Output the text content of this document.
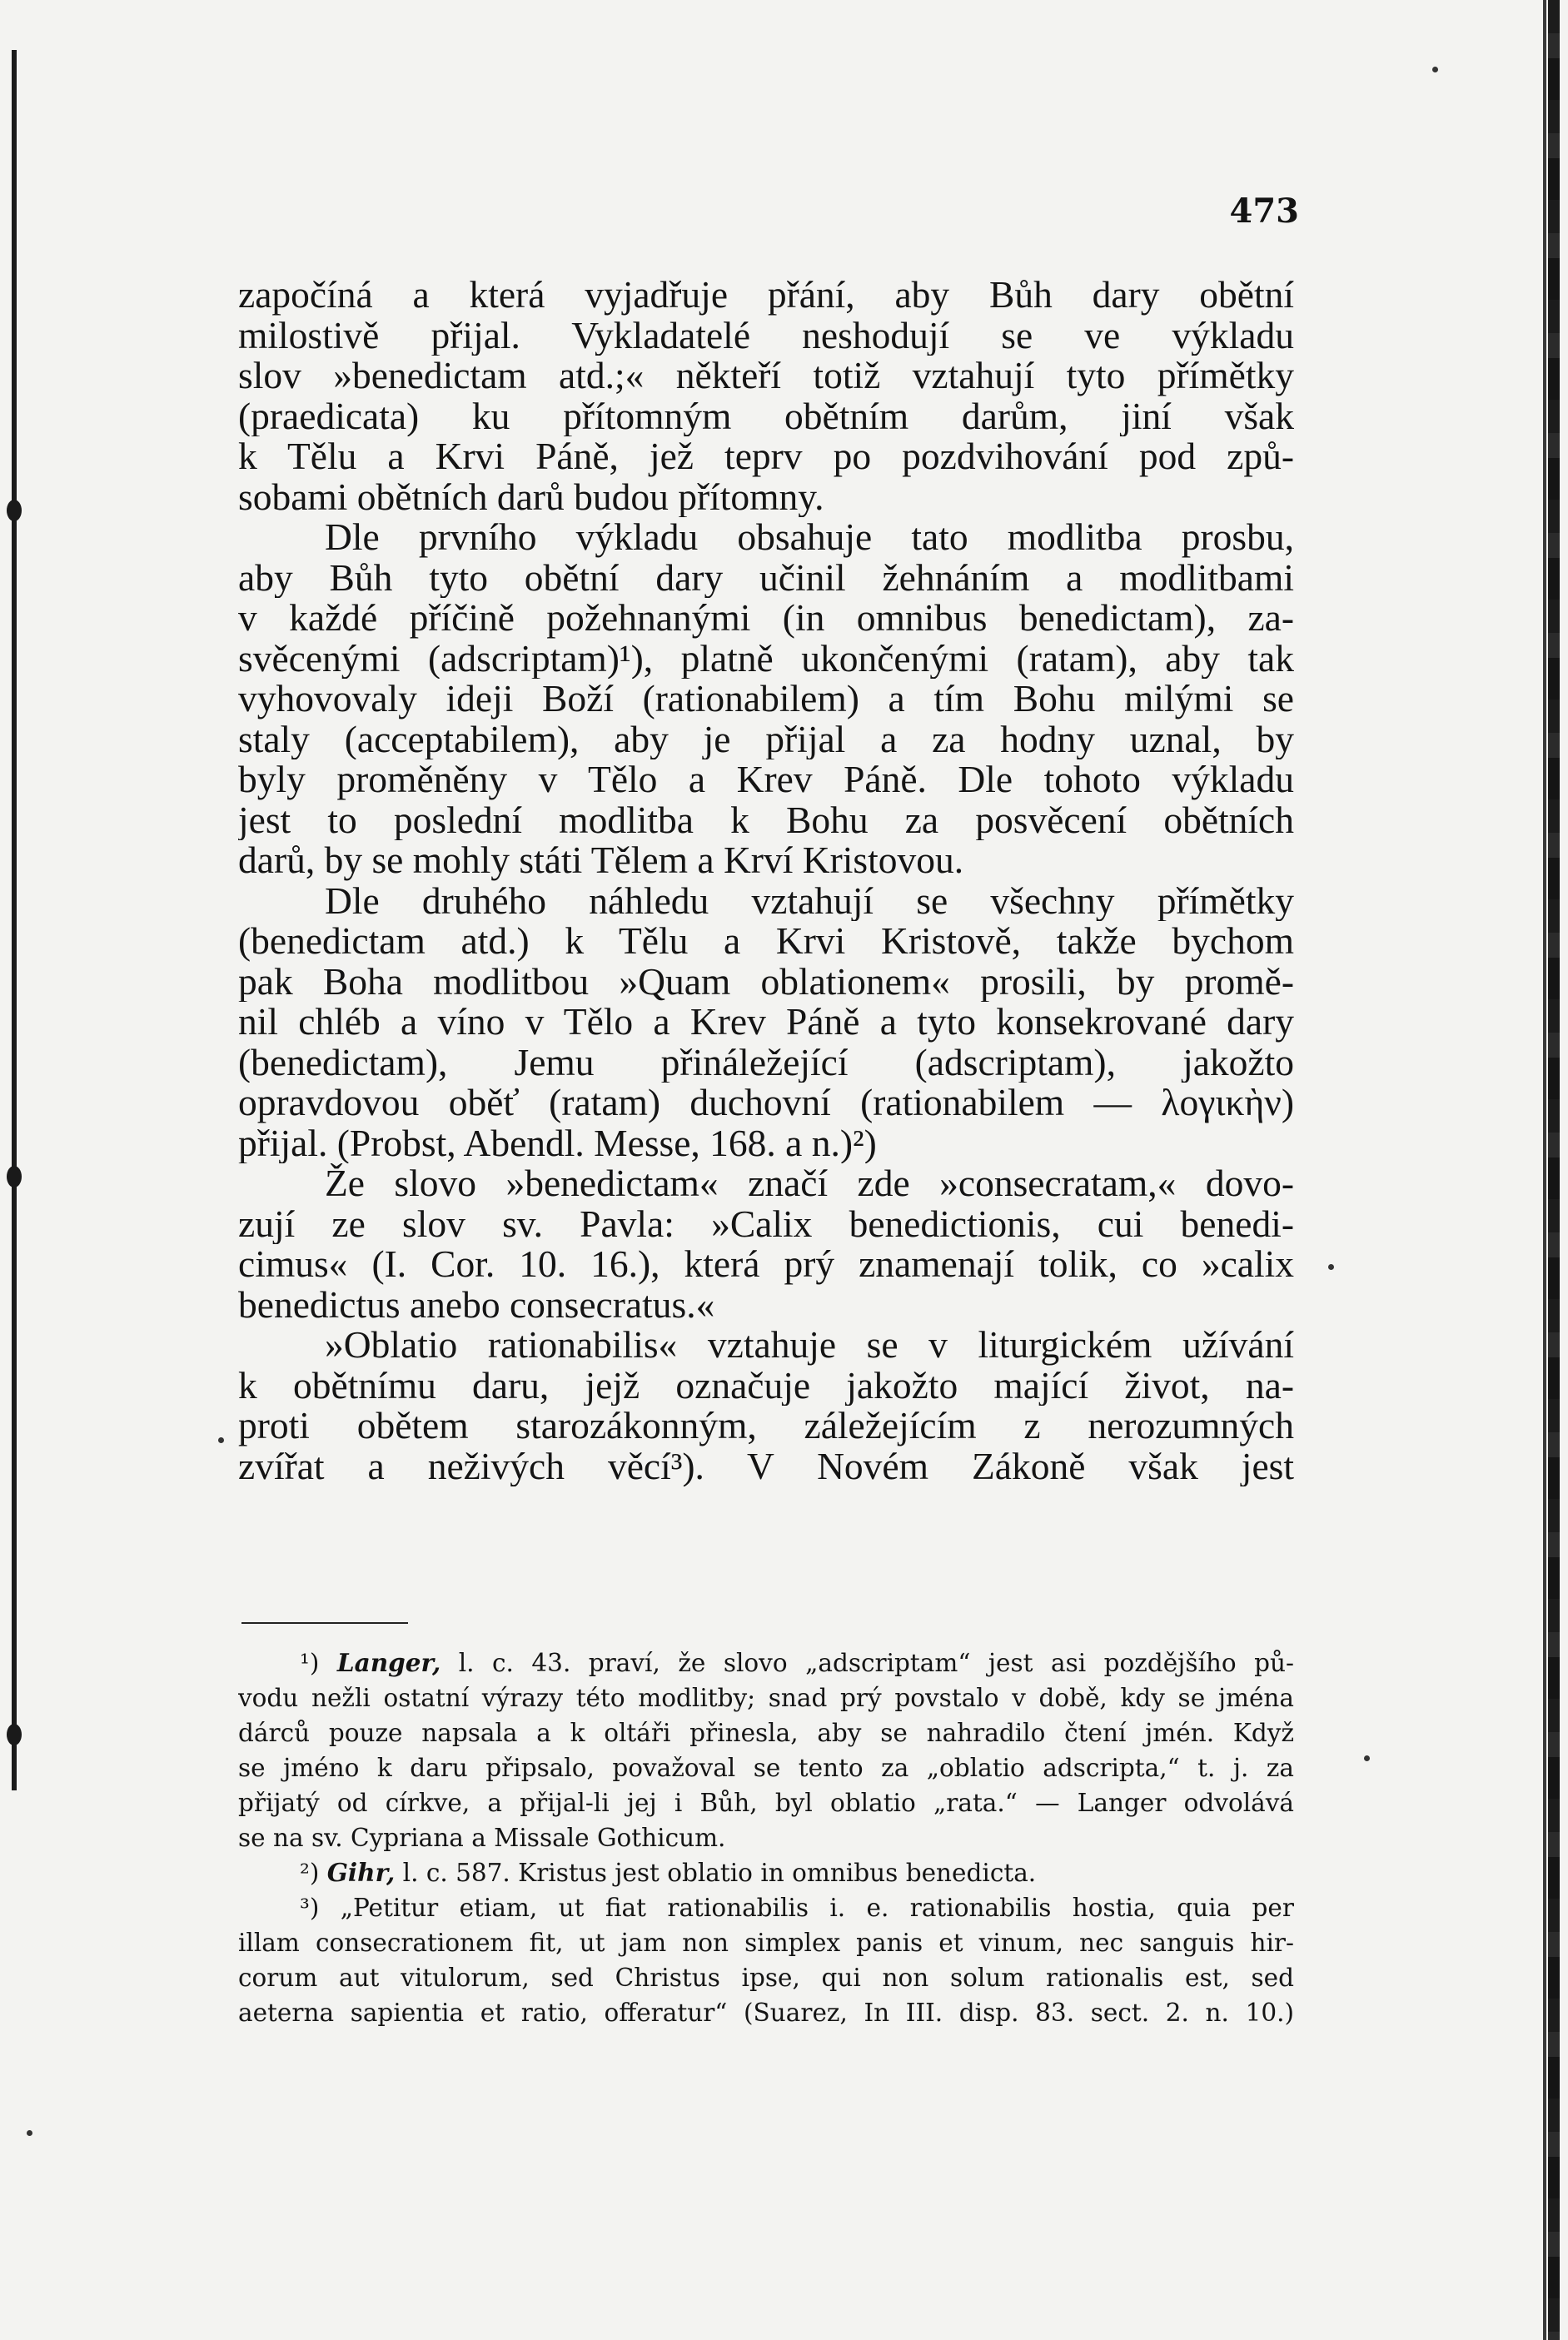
473
započíná a která vyjadřuje přání, aby Bůh dary obětní
milostivě přijal. Vykladatelé neshodují se ve výkladu
slov »benedictam atd.;« někteří totiž vztahují tyto přímětky
(praedicata) ku přítomným obětním darům, jiní však
k Tělu a Krvi Páně, jež teprv po pozdvihování pod způ-
sobami obětních darů budou přítomny.
Dle prvního výkladu obsahuje tato modlitba prosbu,
aby Bůh tyto obětní dary učinil žehnáním a modlitbami
v každé příčině požehnanými (in omnibus benedictam), za-
svěcenými (adscriptam)¹), platně ukončenými (ratam), aby tak
vyhovovaly ideji Boží (rationabilem) a tím Bohu milými se
staly (acceptabilem), aby je přijal a za hodny uznal, by
byly proměněny v Tělo a Krev Páně. Dle tohoto výkladu
jest to poslední modlitba k Bohu za posvěcení obětních
darů, by se mohly státi Tělem a Krví Kristovou.
Dle druhého náhledu vztahují se všechny přímětky
(benedictam atd.) k Tělu a Krvi Kristově, takže bychom
pak Boha modlitbou »Quam oblationem« prosili, by promě-
nil chléb a víno v Tělo a Krev Páně a tyto konsekrované dary
(benedictam), Jemu přináležející (adscriptam), jakožto
opravdovou oběť (ratam) duchovní (rationabilem — λογικὴν)
přijal. (Probst, Abendl. Messe, 168. a n.)²)
Že slovo »benedictam« značí zde »consecratam,« dovo-
zují ze slov sv. Pavla: »Calix benedictionis, cui benedi-
cimus« (I. Cor. 10. 16.), která prý znamenají tolik, co »calix
benedictus anebo consecratus.«
»Oblatio rationabilis« vztahuje se v liturgickém užívání
k obětnímu daru, jejž označuje jakožto mající život, na-
proti obětem starozákonným, záležejícím z nerozumných
zvířat a neživých věcí³). V Novém Zákoně však jest
¹) Langer, l. c. 43. praví, že slovo „adscriptam“ jest asi pozdějšího pů-
vodu nežli ostatní výrazy této modlitby; snad prý povstalo v době, kdy se jména
dárců pouze napsala a k oltáři přinesla, aby se nahradilo čtení jmén. Když
se jméno k daru připsalo, považoval se tento za „oblatio adscripta,“ t. j. za
přijatý od církve, a přijal-li jej i Bůh, byl oblatio „rata.“ — Langer odvolává
se na sv. Cypriana a Missale Gothicum.
²) Gihr, l. c. 587. Kristus jest oblatio in omnibus benedicta.
³) „Petitur etiam, ut fiat rationabilis i. e. rationabilis hostia, quia per
illam consecrationem fit, ut jam non simplex panis et vinum, nec sanguis hir-
corum aut vitulorum, sed Christus ipse, qui non solum rationalis est, sed
aeterna sapientia et ratio, offeratur“ (Suarez, In III. disp. 83. sect. 2. n. 10.)
